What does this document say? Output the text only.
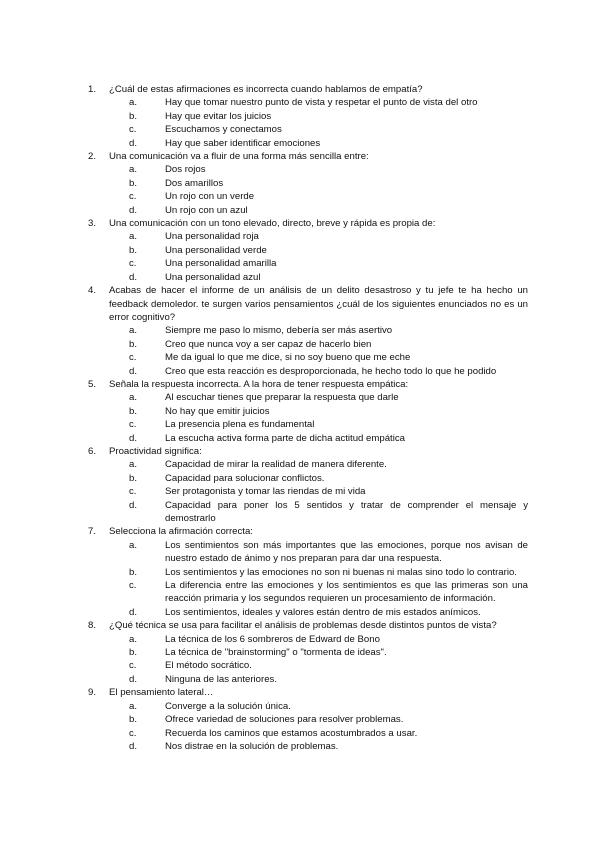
1.	¿Cuál de estas afirmaciones es incorrecta cuando hablamos de empatía?
a.	Hay que tomar nuestro punto de vista y respetar el punto de vista del otro
b.	Hay que evitar los juicios
c.	Escuchamos y conectamos
d.	Hay que saber identificar emociones
2.	Una comunicación va a fluir de una forma más sencilla entre:
a.	Dos rojos
b.	Dos amarillos
c.	Un rojo con un verde
d.	Un rojo con un azul
3.	Una comunicación con un tono elevado, directo, breve y rápida es propia de:
a.	Una personalidad roja
b.	Una personalidad verde
c.	Una personalidad amarilla
d.	Una personalidad azul
4.	Acabas de hacer el informe de un análisis de un delito desastroso y tu jefe te ha hecho un feedback demoledor. te surgen varios pensamientos ¿cuál de los siguientes enunciados no es un error cognitivo?
a.	Siempre me paso lo mismo, debería ser más asertivo
b.	Creo que nunca voy a ser capaz de hacerlo bien
c.	Me da igual lo que me dice, si no soy bueno que me eche
d.	Creo que esta reacción es desproporcionada, he hecho todo lo que he podido
5.	Señala la respuesta incorrecta. A la hora de tener respuesta empática:
a.	Al escuchar tienes que preparar la respuesta que darle
b.	No hay que emitir juicios
c.	La presencia plena es fundamental
d.	La escucha activa forma parte de dicha actitud empática
6.	Proactividad significa:
a.	Capacidad de mirar la realidad de manera diferente.
b.	Capacidad para solucionar conflictos.
c.	Ser protagonista y tomar las riendas de mi vida
d.	Capacidad para poner los 5 sentidos y tratar de comprender el mensaje y demostrarlo
7.	Selecciona la afirmación correcta:
a.	Los sentimientos son más importantes que las emociones, porque nos avisan de nuestro estado de ánimo y nos preparan para dar una respuesta.
b.	Los sentimientos y las emociones no son ni buenas ni malas sino todo lo contrario.
c.	La diferencia entre las emociones y los sentimientos es que las primeras son una reacción primaria y los segundos requieren un procesamiento de información.
d.	Los sentimientos, ideales y valores están dentro de mis estados anímicos.
8.	¿Qué técnica se usa para facilitar el análisis de problemas desde distintos puntos de vista?
a.	La técnica de los 6 sombreros de Edward de Bono
b.	La técnica de "brainstorming" o "tormenta de ideas".
c.	El método socrático.
d.	Ninguna de las anteriores.
9.	El pensamiento lateral…
a.	Converge a la solución única.
b.	Ofrece variedad de soluciones para resolver problemas.
c.	Recuerda los caminos que estamos acostumbrados a usar.
d.	Nos distrae en la solución de problemas.
